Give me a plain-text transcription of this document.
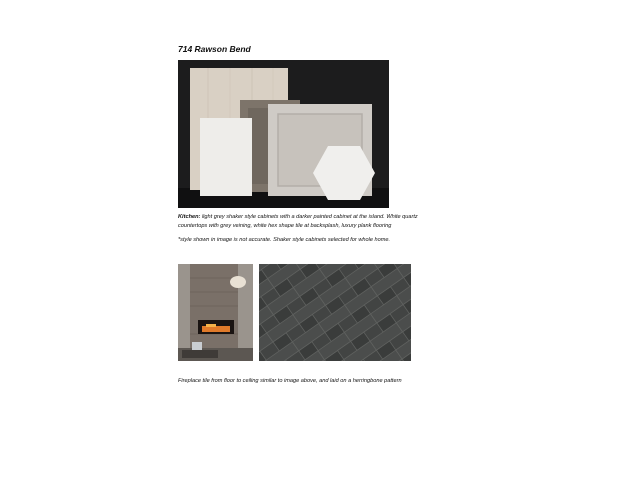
714 Rawson Bend
Kitchen: light grey shaker style cabinets with a darker painted cabinet at the island. White quartz countertops with grey veining, white hex shape tile at backsplash, luxury plank flooring
*style shown in image is not accurate. Shaker style cabinets selected for whole home.
Fireplace tile from floor to ceiling similar to image above, and laid on a herringbone pattern
